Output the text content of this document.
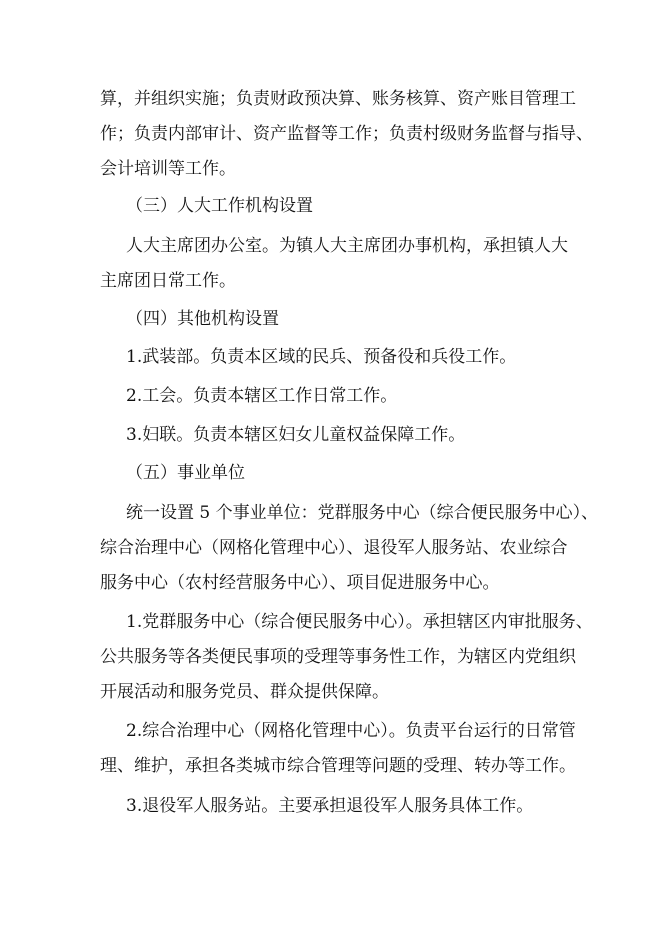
算，并组织实施；负责财政预决算、账务核算、资产账目管理工
作；负责内部审计、资产监督等工作；负责村级财务监督与指导、
会计培训等工作。
（三）人大工作机构设置
人大主席团办公室。为镇人大主席团办事机构，承担镇人大
主席团日常工作。
（四）其他机构设置
1.武装部。负责本区域的民兵、预备役和兵役工作。
2.工会。负责本辖区工作日常工作。
3.妇联。负责本辖区妇女儿童权益保障工作。
（五）事业单位
统一设置 5 个事业单位：党群服务中心（综合便民服务中心）、
综合治理中心（网格化管理中心）、退役军人服务站、农业综合
服务中心（农村经营服务中心）、项目促进服务中心。
1.党群服务中心（综合便民服务中心）。承担辖区内审批服务、
公共服务等各类便民事项的受理等事务性工作，为辖区内党组织
开展活动和服务党员、群众提供保障。
2.综合治理中心（网格化管理中心）。负责平台运行的日常管
理、维护，承担各类城市综合管理等问题的受理、转办等工作。
3.退役军人服务站。主要承担退役军人服务具体工作。
